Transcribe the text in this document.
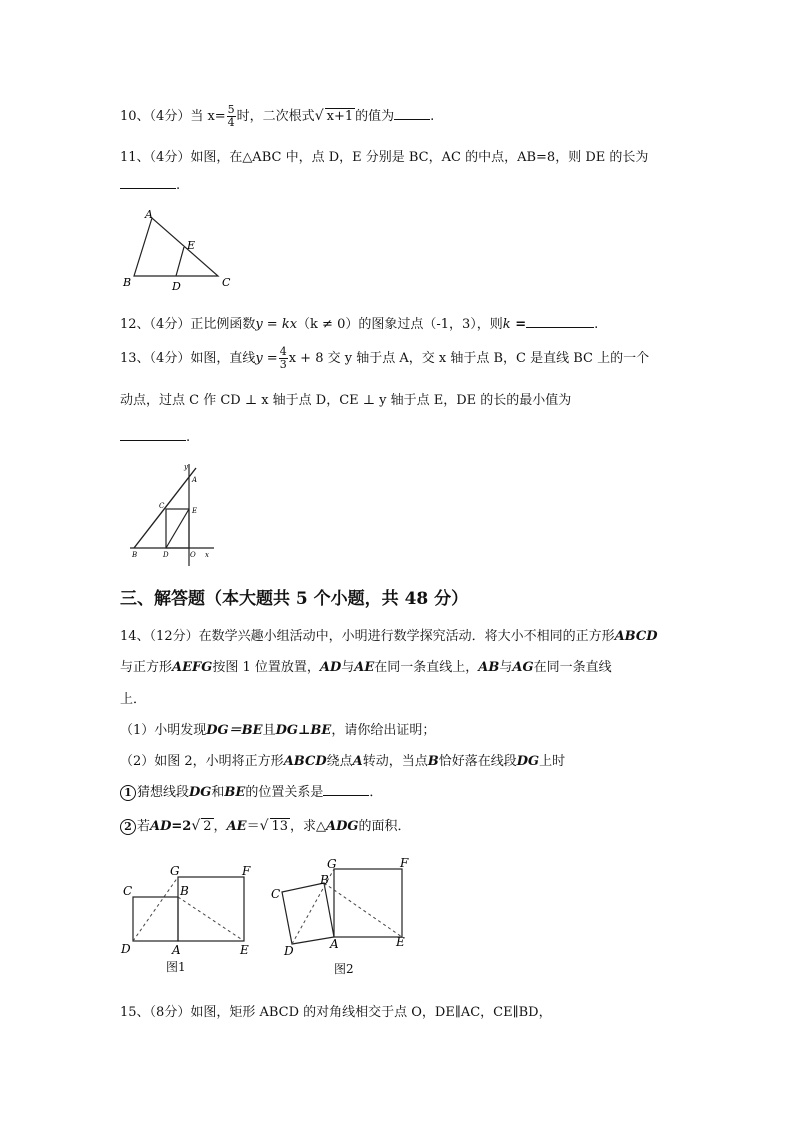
10、（4分）当 $x= \frac{5}{4}$ 时，二次根式√ x+1 的值为	.
11、（4分）如图，在△ABC 中，点 D，E 分别是 BC，AC 的中点，AB=8，则 DE 的长为
.
A
E
B	D	C
12、（4分）正比例函数y = kx（k ≠ 0）的图象过点（-1，3），则k =	.
13、（4分）如图，直线$y = \frac{4}{3}$ x + 8 交 y 轴于点 A，交 x 轴于点 B，C 是直线 BC 上的一个
动点，过点 C 作 CD ⊥ x 轴于点 D，CE ⊥ y 轴于点 E，DE 的长的最小值为
.
y
A
C
E
B	D	O x
三、解答题（本大题共 5 个小题，共 48 分）
14、（12分）在数学兴趣小组活动中，小明进行数学探究活动．将大小不相同的正方形ABCD
与正方形AEFG按图 1 位置放置，AD与AE在同一条直线上，AB与AG在同一条直线
上．
（1）小明发现DG＝BE且DG⊥BE，请你给出证明；
（2）如图 2，小明将正方形ABCD绕点A转动，当点B恰好落在线段DG上时
1 猜想线段DG和BE的位置关系是	．
2 若AD=2√ 2 ，AE＝√ 13 ，求△ADG的面积．
G	F
C	B
D	A	E
图1
G	F
B
C
A
D
E
图2
15、（8分）如图，矩形 ABCD 的对角线相交于点 O，DE∥AC，CE∥BD，
